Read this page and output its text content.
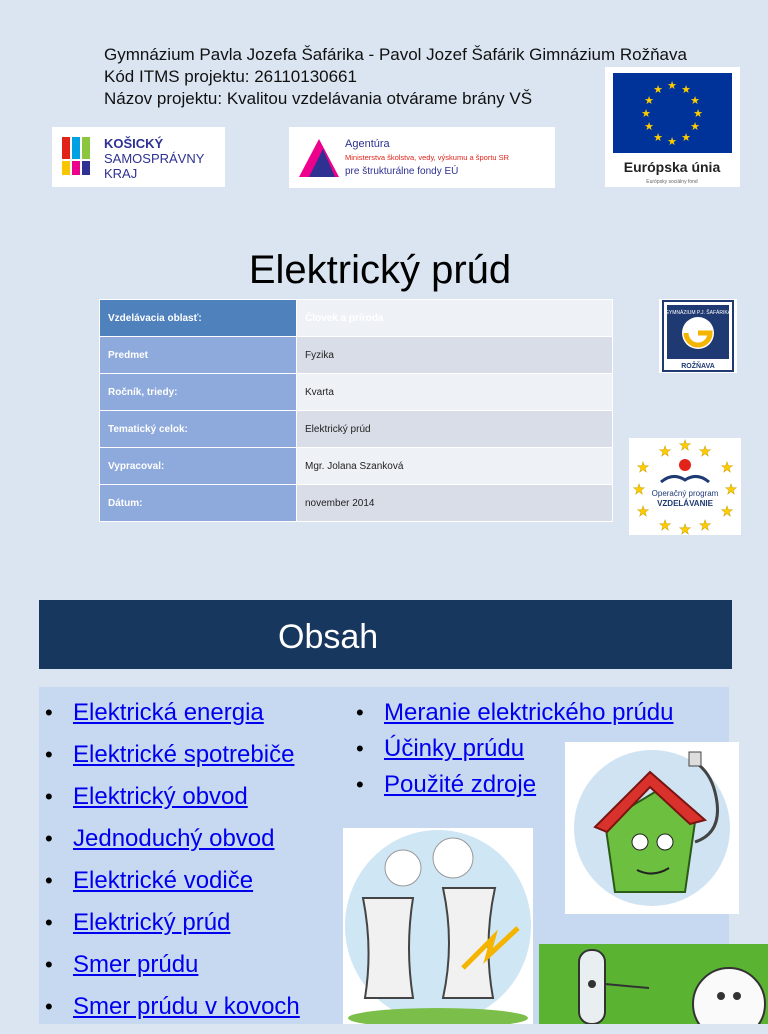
Gymnázium Pavla Jozefa Šafárika - Pavol Jozef Šafárik Gimnázium Rožňava
Kód ITMS projektu: 26110130661
Názov projektu: Kvalitou vzdelávania otvárame brány VŠ
KOŠICKÝ
SAMOSPRÁVNY
KRAJ
Agentúra
Ministerstva školstva, vedy, výskumu a športu SR
pre štrukturálne fondy EÚ
★ ★
★
★
★
★
★
★
★
★
★
★
Európska únia
Európsky sociálny fond
Elektrický prúd
Vzdelávacia oblasť:	Človek a príroda
Predmet	Fyzika
Ročník, triedy:	Kvarta
Tematický celok:	Elektrický prúd
Vypracoval:	Mgr. Jolana Szanková
Dátum:	november 2014
GYMNÁZIUM P.J. ŠAFÁRIKA
ROŽŇAVA
★ ★ ★
★	★
★	★
★	★
★ ★ ★
Operačný program
VZDELÁVANIE
Obsah
• Elektrická energia
• Elektrické spotrebiče
• Elektrický obvod
• Jednoduchý obvod
• Elektrické vodiče
• Elektrický prúd
• Smer prúdu
• Smer prúdu v kovoch
• Meranie elektrického prúdu
• Účinky prúdu
• Použité zdroje
